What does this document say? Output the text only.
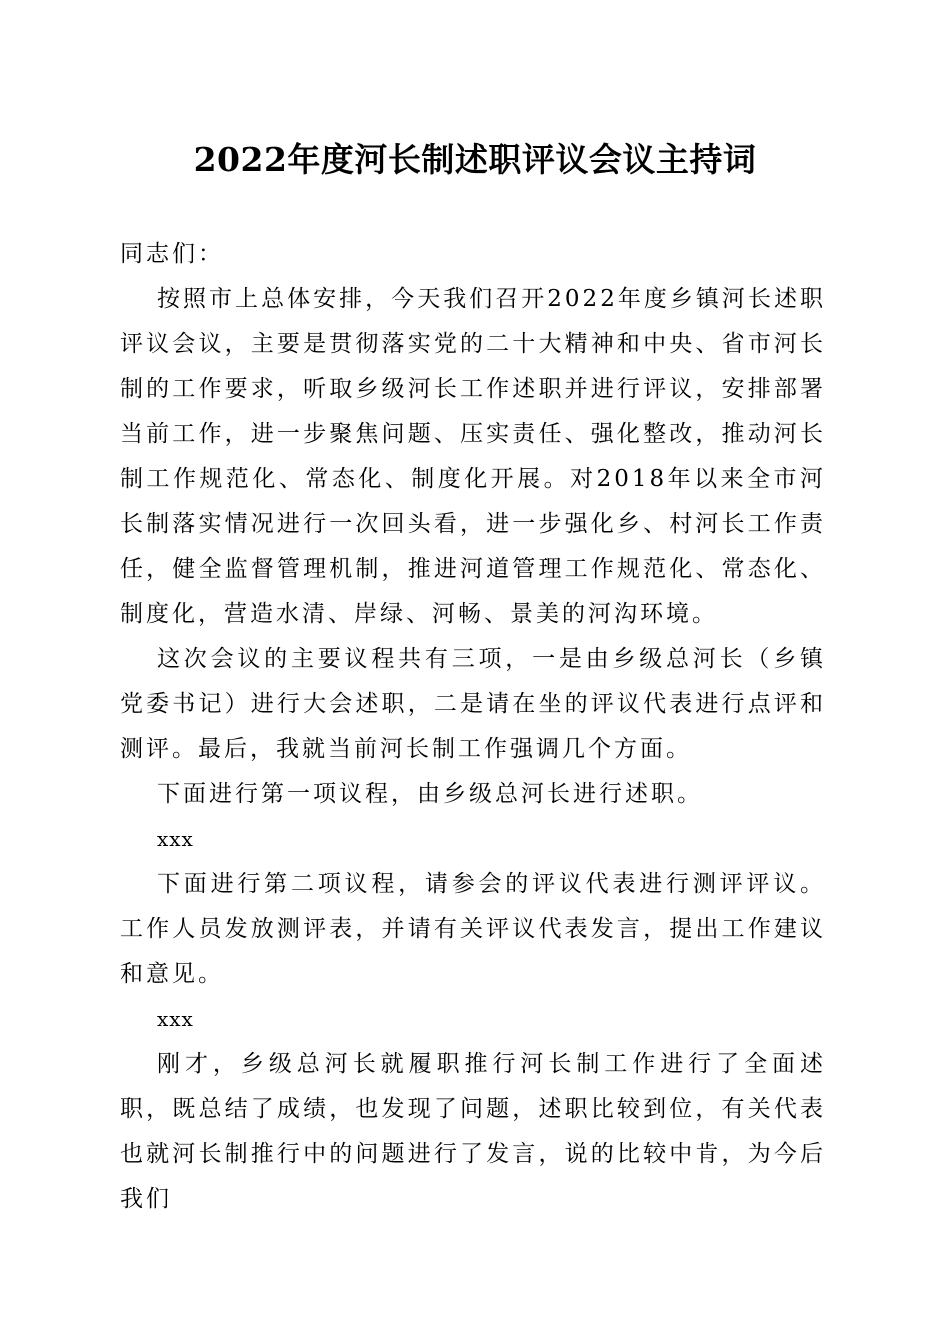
2022年度河长制述职评议会议主持词

同志们：

按照市上总体安排，今天我们召开2022年度乡镇河长述职评议会议，主要是贯彻落实党的二十大精神和中央、省市河长制的工作要求，听取乡级河长工作述职并进行评议，安排部署当前工作，进一步聚焦问题、压实责任、强化整改，推动河长制工作规范化、常态化、制度化开展。对2018年以来全市河长制落实情况进行一次回头看，进一步强化乡、村河长工作责任，健全监督管理机制，推进河道管理工作规范化、常态化、制度化，营造水清、岸绿、河畅、景美的河沟环境。

这次会议的主要议程共有三项，一是由乡级总河长（乡镇党委书记）进行大会述职，二是请在坐的评议代表进行点评和测评。最后，我就当前河长制工作强调几个方面。

下面进行第一项议程，由乡级总河长进行述职。

xxx

下面进行第二项议程，请参会的评议代表进行测评评议。工作人员发放测评表，并请有关评议代表发言，提出工作建议和意见。

xxx

刚才，乡级总河长就履职推行河长制工作进行了全面述职，既总结了成绩，也发现了问题，述职比较到位，有关代表也就河长制推行中的问题进行了发言，说的比较中肯，为今后我们
